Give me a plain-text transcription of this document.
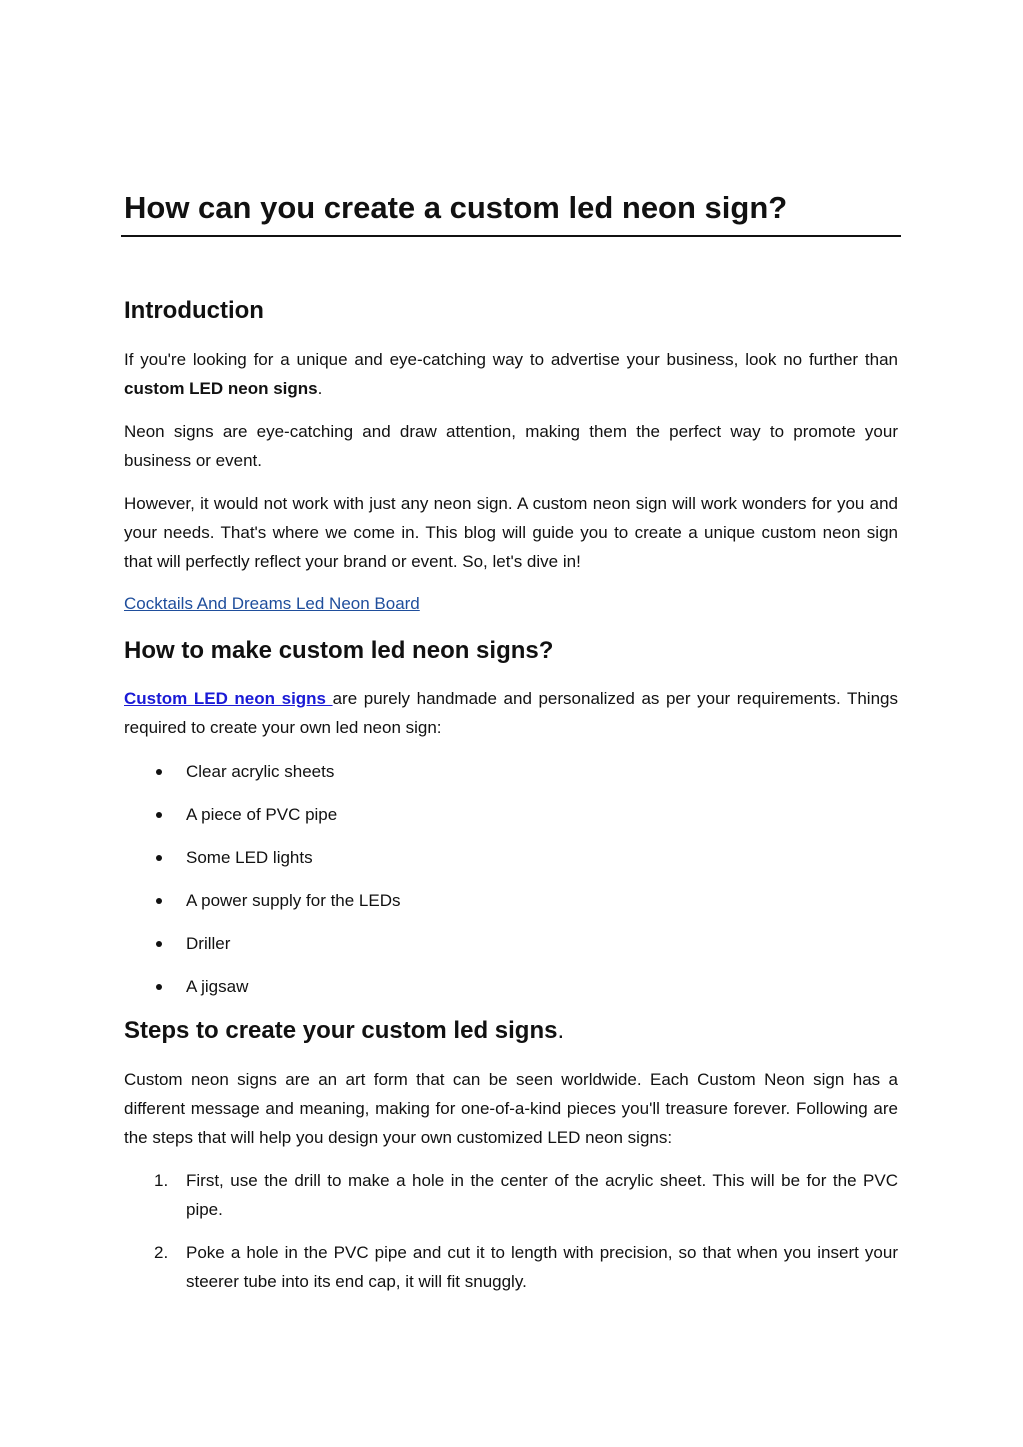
How can you create a custom led neon sign?
Introduction

If you're looking for a unique and eye-catching way to advertise your business, look no further than custom LED neon signs.

Neon signs are eye-catching and draw attention, making them the perfect way to promote your business or event.

However, it would not work with just any neon sign. A custom neon sign will work wonders for you and your needs. That's where we come in. This blog will guide you to create a unique custom neon sign that will perfectly reflect your brand or event. So, let's dive in!

Cocktails And Dreams Led Neon Board

How to make custom led neon signs?

Custom LED neon signs are purely handmade and personalized as per your requirements. Things required to create your own led neon sign:

Clear acrylic sheets
A piece of PVC pipe
Some LED lights
A power supply for the LEDs
Driller
A jigsaw
Steps to create your custom led signs.

Custom neon signs are an art form that can be seen worldwide. Each Custom Neon sign has a different message and meaning, making for one-of-a-kind pieces you'll treasure forever. Following are the steps that will help you design your own customized LED neon signs:

1. First, use the drill to make a hole in the center of the acrylic sheet. This will be for the PVC pipe.
2. Poke a hole in the PVC pipe and cut it to length with precision, so that when you insert your steerer tube into its end cap, it will fit snuggly.
